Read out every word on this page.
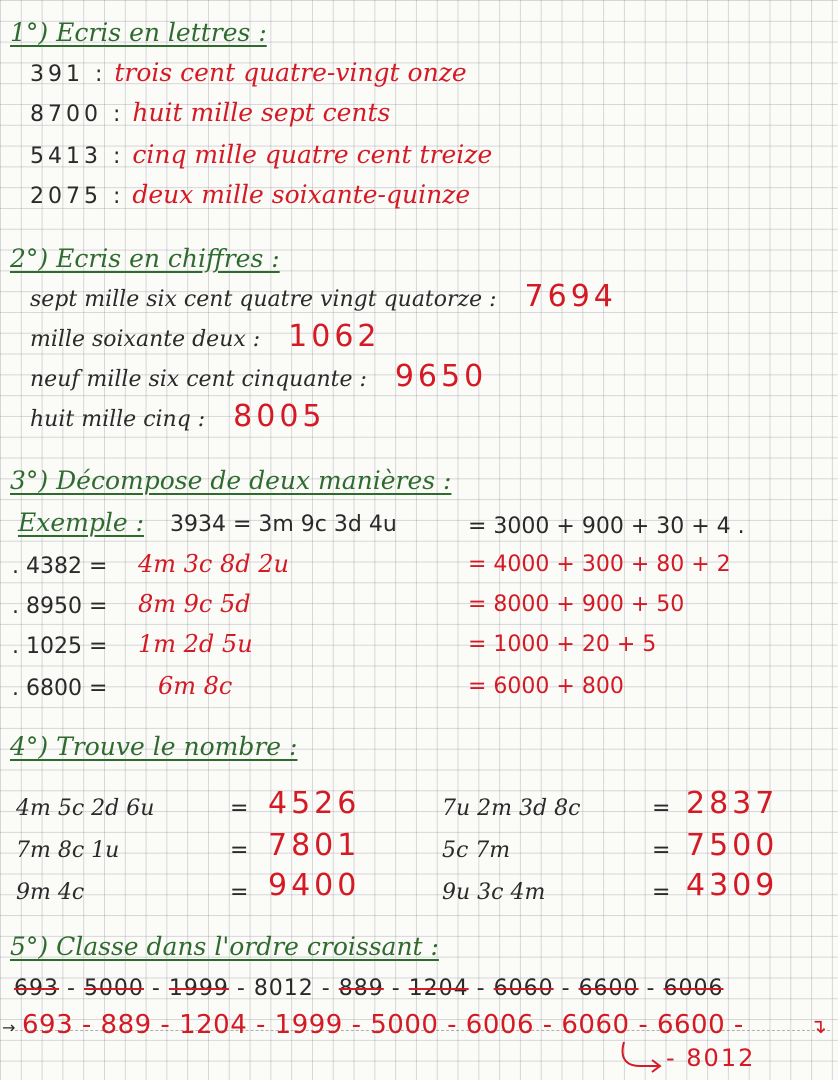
1°) Ecris en lettres :
391 : trois cent quatre-vingt onze
8700 : huit mille sept cents
5413 : cinq mille quatre cent treize
2075 : deux mille soixante-quinze
2°) Ecris en chiffres :
sept mille six cent quatre vingt quatorze : 7694
mille soixante deux : 1062
neuf mille six cent cinquante : 9650
huit mille cinq : 8005
3°) Décompose de deux manières :
Exemple : 3934 = 3m 9c 3d 4u	= 3000 + 900 + 30 + 4 .
. 4382 = 4m 3c 8d 2u	= 4000 + 300 + 80 + 2
. 8950 = 8m 9c 5d	= 8000 + 900 + 50
. 1025 = 1m 2d 5u	= 1000 + 20 + 5
. 6800 = 6m 8c	= 6000 + 800
4°) Trouve le nombre :
4m 5c 2d 6u	= 4526
7m 8c 1u	= 7801
9m 4c	= 9400
7u 2m 3d 8c	= 2837
5c 7m	= 7500
9u 3c 4m	= 4309
5°) Classe dans l'ordre croissant :
693 - 5000 - 1999 - 8012 - 889 - 1204 - 6060 - 6600 - 6006
→ 693 - 889 - 1204 - 1999 - 5000 - 6006 - 6060 - 6600 -	↴
- 8012
